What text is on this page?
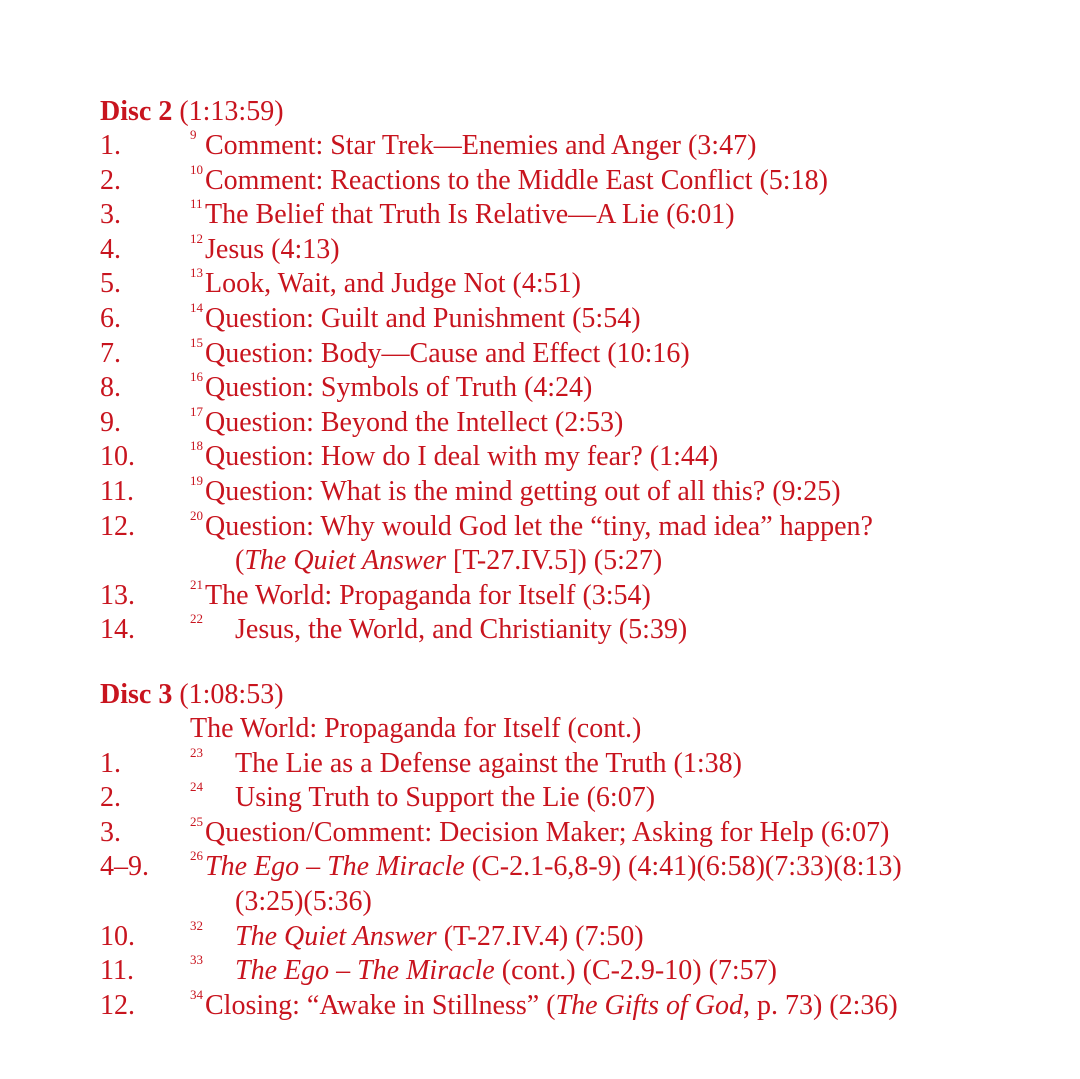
Disc 2 (1:13:59)
1.	9 Comment: Star Trek—Enemies and Anger (3:47)
2.	10 Comment: Reactions to the Middle East Conflict (5:18)
3.	11 The Belief that Truth Is Relative—A Lie (6:01)
4.	12 Jesus (4:13)
5.	13 Look, Wait, and Judge Not (4:51)
6.	14 Question: Guilt and Punishment (5:54)
7.	15 Question: Body—Cause and Effect (10:16)
8.	16 Question: Symbols of Truth (4:24)
9.	17 Question: Beyond the Intellect (2:53)
10.	18 Question: How do I deal with my fear? (1:44)
11.	19 Question: What is the mind getting out of all this? (9:25)
12.	20 Question: Why would God let the “tiny, mad idea” happen?
(The Quiet Answer [T-27.IV.5]) (5:27)
13.	21 The World: Propaganda for Itself (3:54)
14.	22 Jesus, the World, and Christianity (5:39)
Disc 3 (1:08:53)
The World: Propaganda for Itself (cont.)
1.	23 The Lie as a Defense against the Truth (1:38)
2.	24 Using Truth to Support the Lie (6:07)
3.	25 Question/Comment: Decision Maker; Asking for Help (6:07)
4–9.	26 The Ego – The Miracle (C-2.1-6,8-9) (4:41)(6:58)(7:33)(8:13)
(3:25)(5:36)
10.	32 The Quiet Answer (T-27.IV.4) (7:50)
11.	33 The Ego – The Miracle (cont.) (C-2.9-10) (7:57)
12.	34 Closing: “Awake in Stillness” (The Gifts of God, p. 73) (2:36)
